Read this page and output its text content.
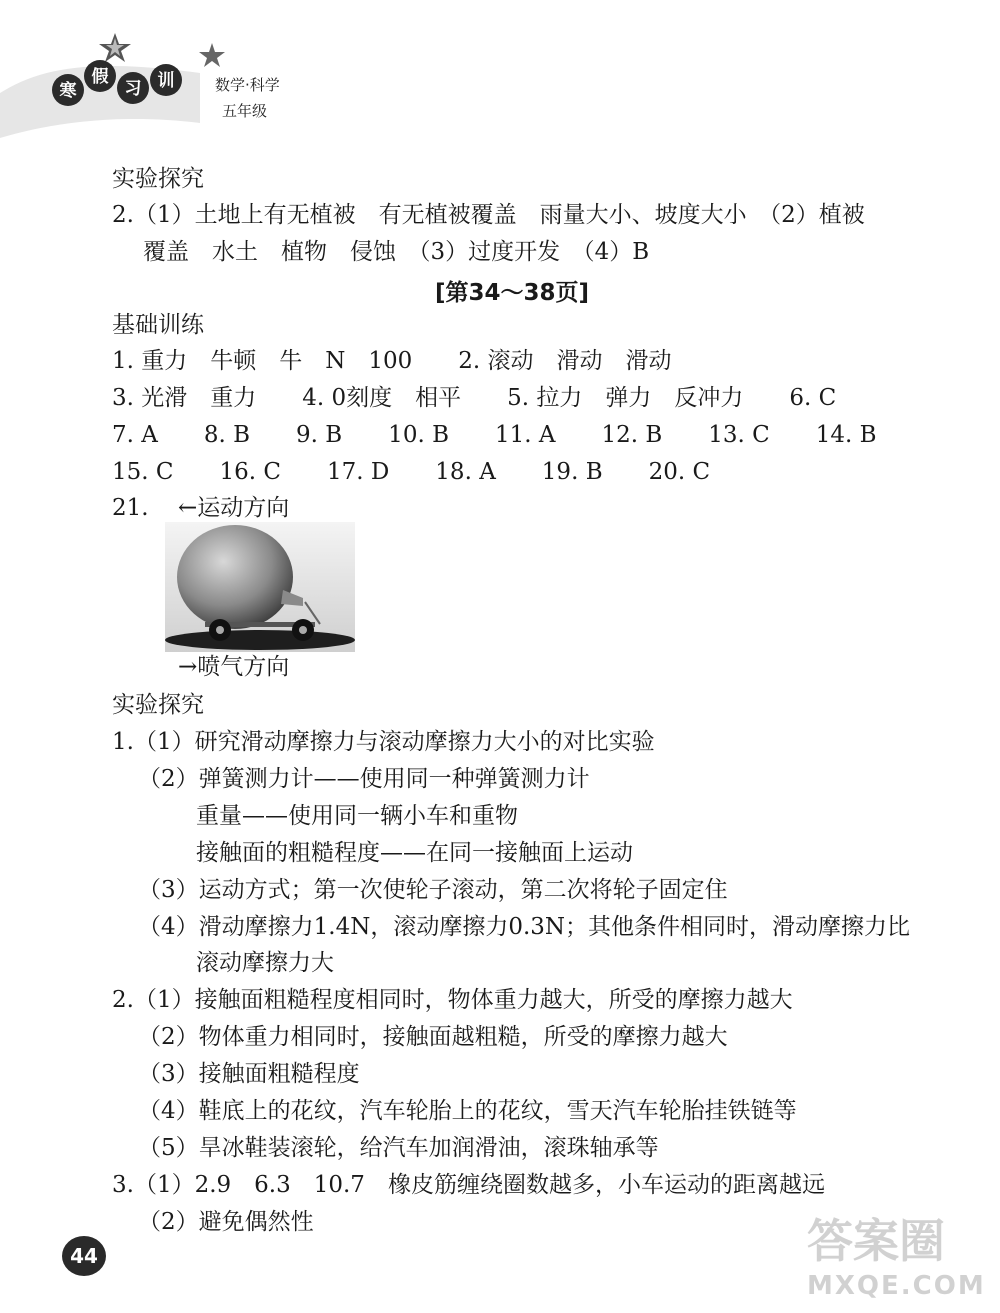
寒
假
习 训	数学·科学
五年级
实验探究
2.（1）土地上有无植被　有无植被覆盖　雨量大小、坡度大小　（2）植被
覆盖　水土　植物　侵蚀　（3）过度开发　（4）B
[第34～38页]
基础训练
1. 重力　牛顿　牛　N　100　　2. 滚动　滑动　滑动
3. 光滑　重力　　4. 0刻度　相平　　5. 拉力　弹力　反冲力　　6. C
7. A　　8. B　　9. B　　10. B　　11. A　　12. B　　13. C　　14. B
15. C　　16. C　　17. D　　18. A　　19. B　　20. C
21. ←运动方向
→喷气方向
实验探究
1.（1）研究滑动摩擦力与滚动摩擦力大小的对比实验
（2）弹簧测力计——使用同一种弹簧测力计
重量——使用同一辆小车和重物
接触面的粗糙程度——在同一接触面上运动
（3）运动方式；第一次使轮子滚动，第二次将轮子固定住
（4）滑动摩擦力1.4N，滚动摩擦力0.3N；其他条件相同时，滑动摩擦力比
滚动摩擦力大
2.（1）接触面粗糙程度相同时，物体重力越大，所受的摩擦力越大
（2）物体重力相同时，接触面越粗糙，所受的摩擦力越大
（3）接触面粗糙程度
（4）鞋底上的花纹，汽车轮胎上的花纹，雪天汽车轮胎挂铁链等
（5）旱冰鞋装滚轮，给汽车加润滑油，滚珠轴承等
3.（1）2.9　6.3　10.7　橡皮筋缠绕圈数越多，小车运动的距离越远
（2）避免偶然性
44	答案圈
MXQE.COM
